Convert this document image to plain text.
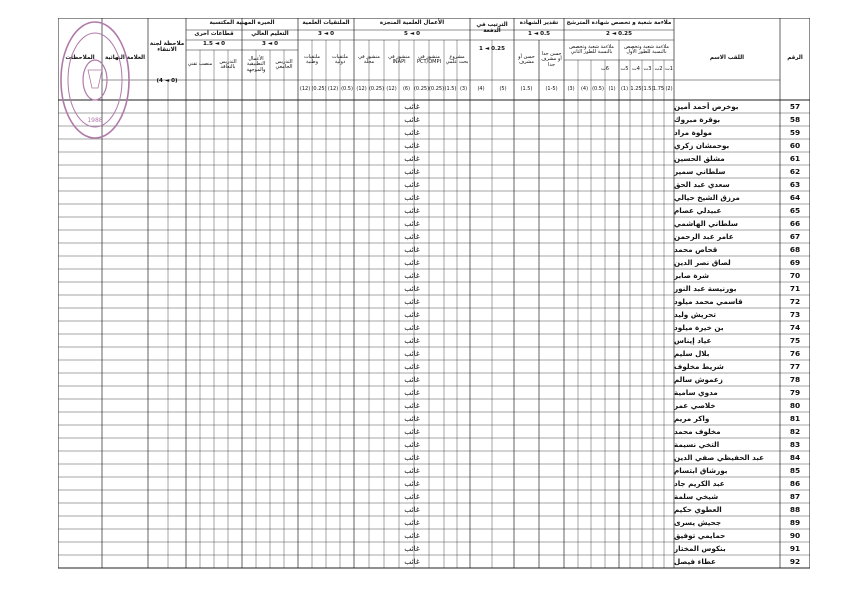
الرقم
اللقب الاسم
ملاءمة شعبة و تخصص شهادة المترشح
0.25 ◄ 2
ملاءمة شعبة وتخصص بالنسبة للطور الأول
ملاءمة شعبة وتخصص بالنسبة للطور الثاني
تقدير الشهادة
0.5 ◄ 1
حسن جدا أو مشرف جدا
حسن أو مشرف
الترتيب في الدفعة
0.25 ◄ 1
الأعمال العلمية المنجزة
0 ◄ 5
مشروع بحث علمي
منشور في PCT/OMPI
منشور في INAPI
منشور في مجلة
الملتقيات العلمية
0 ◄ 3
ملتقيات دولية
ملتقيات وطنية
الخبرة المهنية المكتسبة
التعليم العالي
0 ◄ 3
قطاعات أخرى
0 ◄ 1.5
التدريس الجامعي
الأعمال التطبيقية والموجهة
التدريس بالتعاقد
منصب تقني
ملاحظة لجنة الانتقاء
(0 ◄ 4)
العلامة النهائية
الملاحظات
1ت
2ت
3ت
4ت
5ت
6ت
(2)
1.75
1.5
1.25
(1)
(1)
(0.5)
(4)
(3)
(1-5)
(1.5)
(5)
(4)
(3)
(1.5)
(0.25)
(0.25)
(6)
(12)
(0.25)
(12)
(0.5)
(12)
0.25
(12)
57
بوخرص أحمد أمين
غائب
58
بوقرة مبروك
غائب
59
مولوة مراد
غائب
60
بوحمشان زكري
غائب
61
مشلق الحسين
غائب
62
سلطاني سمير
غائب
63
سعدي عبد الحق
غائب
64
مرزق الشيخ حيالي
غائب
65
عبيدلي عصام
غائب
66
سلطاني الهاشمي
غائب
67
عامر عبد الرحمن
غائب
68
قحاص محمد
غائب
69
لصاق نصر الدين
غائب
70
شرة صابر
غائب
71
بورنيسة عبد النور
غائب
72
قاسمي محمد ميلود
غائب
73
تحريش وليد
غائب
74
بن خيرة ميلود
غائب
75
عياد إيناس
غائب
76
بلال سليم
غائب
77
شريط مخلوف
غائب
78
زعموش سالم
غائب
79
مدوي سامية
غائب
80
خلاصي عمر
غائب
81
واكر مريم
غائب
82
مخلوف محمد
غائب
83
التخي نسيمة
غائب
84
عبد الحفيظي صفي الدين
غائب
85
بورشاق ابتسام
غائب
86
عبد الكريم جاد
غائب
87
شيخي سلمة
غائب
88
العطوي حكيم
غائب
89
جحيش يسرى
غائب
90
حمايمي توفيق
غائب
91
بنكوس المختار
غائب
92
عطاء فيصل
غائب
1988
